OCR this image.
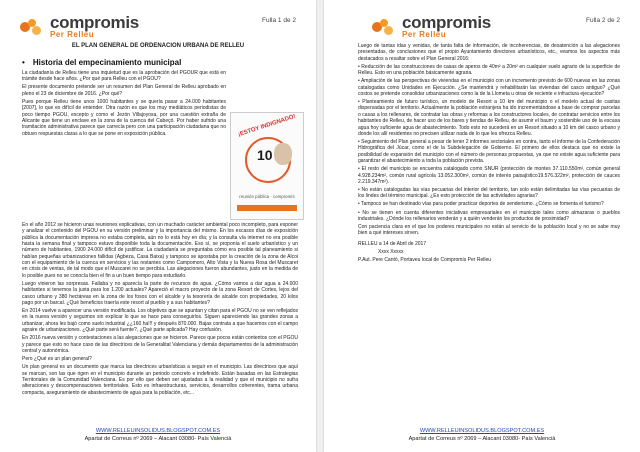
compromis
Per Relleu
Fulla 1 de 2
EL PLAN GENERAL DE ORDENACION URBANA DE RELLEU
• Historia del empecinamiento municipal
¡ESTOY INDIGNADO!
10
reunión pública · compromís

La ciudadanía de Relleu tiene una inquietud que es la aprobación del PGOUR que está en trámite desde hace años. ¿Por qué para Relleu con el PGOU?

El presente documento pretende ser un resumen del Plan General de Relleu aprobado en pleno el 23 de diciembre de 2016. ¿Por qué?

Pues porque Relleu tiene unos 1000 habitantes y se quería pasar a 24.000 habitantes [2007], lo que es difícil de entender. Otra razón es que los muy mediáticos periodistas de poco tiempo PGOU, excepto y como el Jezón Villajoyosa, por una cuestión extraña de Alicante que tiene un enclave en la zona de la cuenca del Cabeçó. Por haber sufrido una tramitación administrativa parece que carrecía pero con una participación ciudadana que no obtuvo respuestas claras a lo que se pone en exposición pública.

En el año 2012 se hicieron unas reuniones explicativas, con un muchado carácter ambiental poco incompleto, para exponer y analizar el contenido del PGOU en su versión preliminar y la importancia del mismo. En los escasos días de exposición pública la documentación impresa no estaba completa, aún no lo está hoy en día; y la consulta vía internet no era posible hasta la semana final y tampoco estuvo disponible toda la documentación. Eso sí, se proponía el suelo urbanístico y un número de habitantes, 1900 24.000 difícil de justificar. La ciudadanía se preguntaba cómo era posible tal planeamiento si habían pequeñas urbanizaciones fallidas (Agbeza, Casa Baixa) y tampoco se apostaba por la creación de la zona de Alcoi con el equipamiento de la cuenca en servicios y las restantes como Campomoro, Alto Vista y la Nueva Rosa del Muscaret en crisis de ventas, de tal modo que el Muscaret no se percibía. Las alegaciones fueron abundantes, justo en la medida de lo posible pues no se conocía bien el fin a un buen tiempo para estudiarlo.

Luego vinieron las sorpresas. Fallaba y no aparecía la parte de recursos de agua. ¿Cómo vamos a dar agua a 24.000 habitantes si tenemos la justa para los 1.200 actuales? Apareció el macro proyecto de la zona Resort de Cortes, lejos del casco urbano y 380 hectáreas en la zona de los fosos con el alcalde y la tesorería de alcalde con propiedades, 20 kilos pago por un barcal. ¿Qué beneficios traería este resort al pueblo y a sus habitantes?

En 2014 vuelve a aparecer una versión modificada. Los objetivos que se apuntan y citan para el PGOU no se ven reflejados en la nueva versión y seguimos sin explicar lo que se hace para conseguirlos. Siguen apareciendo las grandes zonas a urbanizar, ahora les bajó como suelo industrial ¿¿160 ha!!! y después 870.000. Bajas contrata a que hacemos con el campo agraire de urbanizaciones. ¿Qué parte será fuente?, ¿Qué parte aplicada? Hay confusión.

En 2016 nueva versión y contestaciones a las alegaciones que se hicieron. Parece que pocos están contentos con el PGOU y parece que esto no hace caso de las directrices de la Generalitat Valenciana y demás departamentos de la administración central y autonómica.

Pero ¿Qué es un plan general?

Un plan general es un documento que marca las directrices urbanísticas a seguir en el municipio. Las directrices que aquí se marcan, son las que rigen en el municipio durante un periodo concreto e indefinido. Están basadas en las Estrategias Territoriales de la Comunidad Valenciana. Es por ello que deben ser ajustadas a la realidad y que el municipio no sufra alteraciones y descompensaciones territoriales. Esto es infraestructuras, servicios, desarrollos coherentes, trama urbana compacta, aseguramiento de abastecimiento de agua para la población, etc...

WWW.RELLEUINSOLIDUS.BLOGSPOT.COM.ES
Apartat de Correus nº 2069 – Alacant 03080- País Valencià
compromis
Per Relleu
Fulla 2 de 2

Luego de tantas idas y venidas, de tanta falta de información, de incoherencias, de desatención a las alegaciones presentadas, de conclusiones que el propio Ayuntamiento directores urbanísticos, etc., veamos los aspectos más destacados a resaltar sobre el Plan General 2016:

• Reducción de las construcciones de casas de aperos de 40m² a 20m² en cualquier suelo agrario de la superficie de Relleu. Esto en una población básicamente agraria.

• Ampliación de las perspectivas de viviendas en el municipio con un incremento previsto de 600 nuevas en las zonas catalogadas como Unidades en Ejecución. ¿Se mantendrá y rehabilitarán las viviendas del casco antiguo? ¿Qué costos se pretende consolidar urbanizaciones como la de la Llometa u otras de reciente e infractura ejecución?

• Planteamiento de futuro turístico, un modelo de Resort a 10 km del municipio o el modelo actual de casitas dispersadas por el territorio. Actualmente la población extranjera ha ido incrementándose a base de comprar parcelas o casas a los rellenares, de contratar las obras y reformas a los constructores locales, de contratar servicios entre los habitantes de Relleu, de hacer uso de los bares y tiendas de Relleu, de asumir el baum y sostenible uso de la escasa agua hoy suficiente agua de abastecimiento. Todo esto no sucederá en un Resort situado a 10 km del casco urbano y donde los allí residentes no precisen utilizar nada de lo que les ofrezca Relleu.

• Seguimiento del Plan general a pesar de tener 2 informes sectoriales en contra, tanto el informe de la Confederación Hidrográfica del Júcar, como el de la Subdelegación de Gobierno. El primero de ellos destaca que no existe la posibilidad de expansión del municipio con el número de personas propuestas, ya que no existe agua suficiente para garantizar el abastecimiento a toda la población prevista.

• El resto del municipio se encuentra catalogado como SNUR (protección de montes 37.110.550m², común general 4.928.234m², común rural agrícola 13.052.300m², común de interés paisajístico19.576.322m², protección de cauces 2.219.347m²).

• No están catalogadas las vías pecuarias del interior del territorio, tan solo están delimitadas las vías pecuarias de los lindes del término municipal. ¿Es esto protección de las actividades agrarias?

• Tampoco se han destinado vías para poder practicar deportes de senderismo. ¿Cómo se fomenta el turismo?

• No se tienen en cuenta diferentes iniciativas empresariales en el municipio tales como almazaras o pueblos industriales. ¿Dónde los rellenarios venderán y a quién venderán los productos de proximidad?

Con paciencia clara en el que los poderes municipales no están al servicio de la población local y no se sabe muy bien a qué intereses sirven.

RELLEU a 14 de Abril de 2017

Xxxx Xxxxx

P.Aut. Pere Cantó, Portaveu local de Compromís Per Relleu

WWW.RELLEUINSOLIDUS.BLOGSPOT.COM.ES
Apartat de Correus nº 2069 – Alacant 03080- País Valencià
